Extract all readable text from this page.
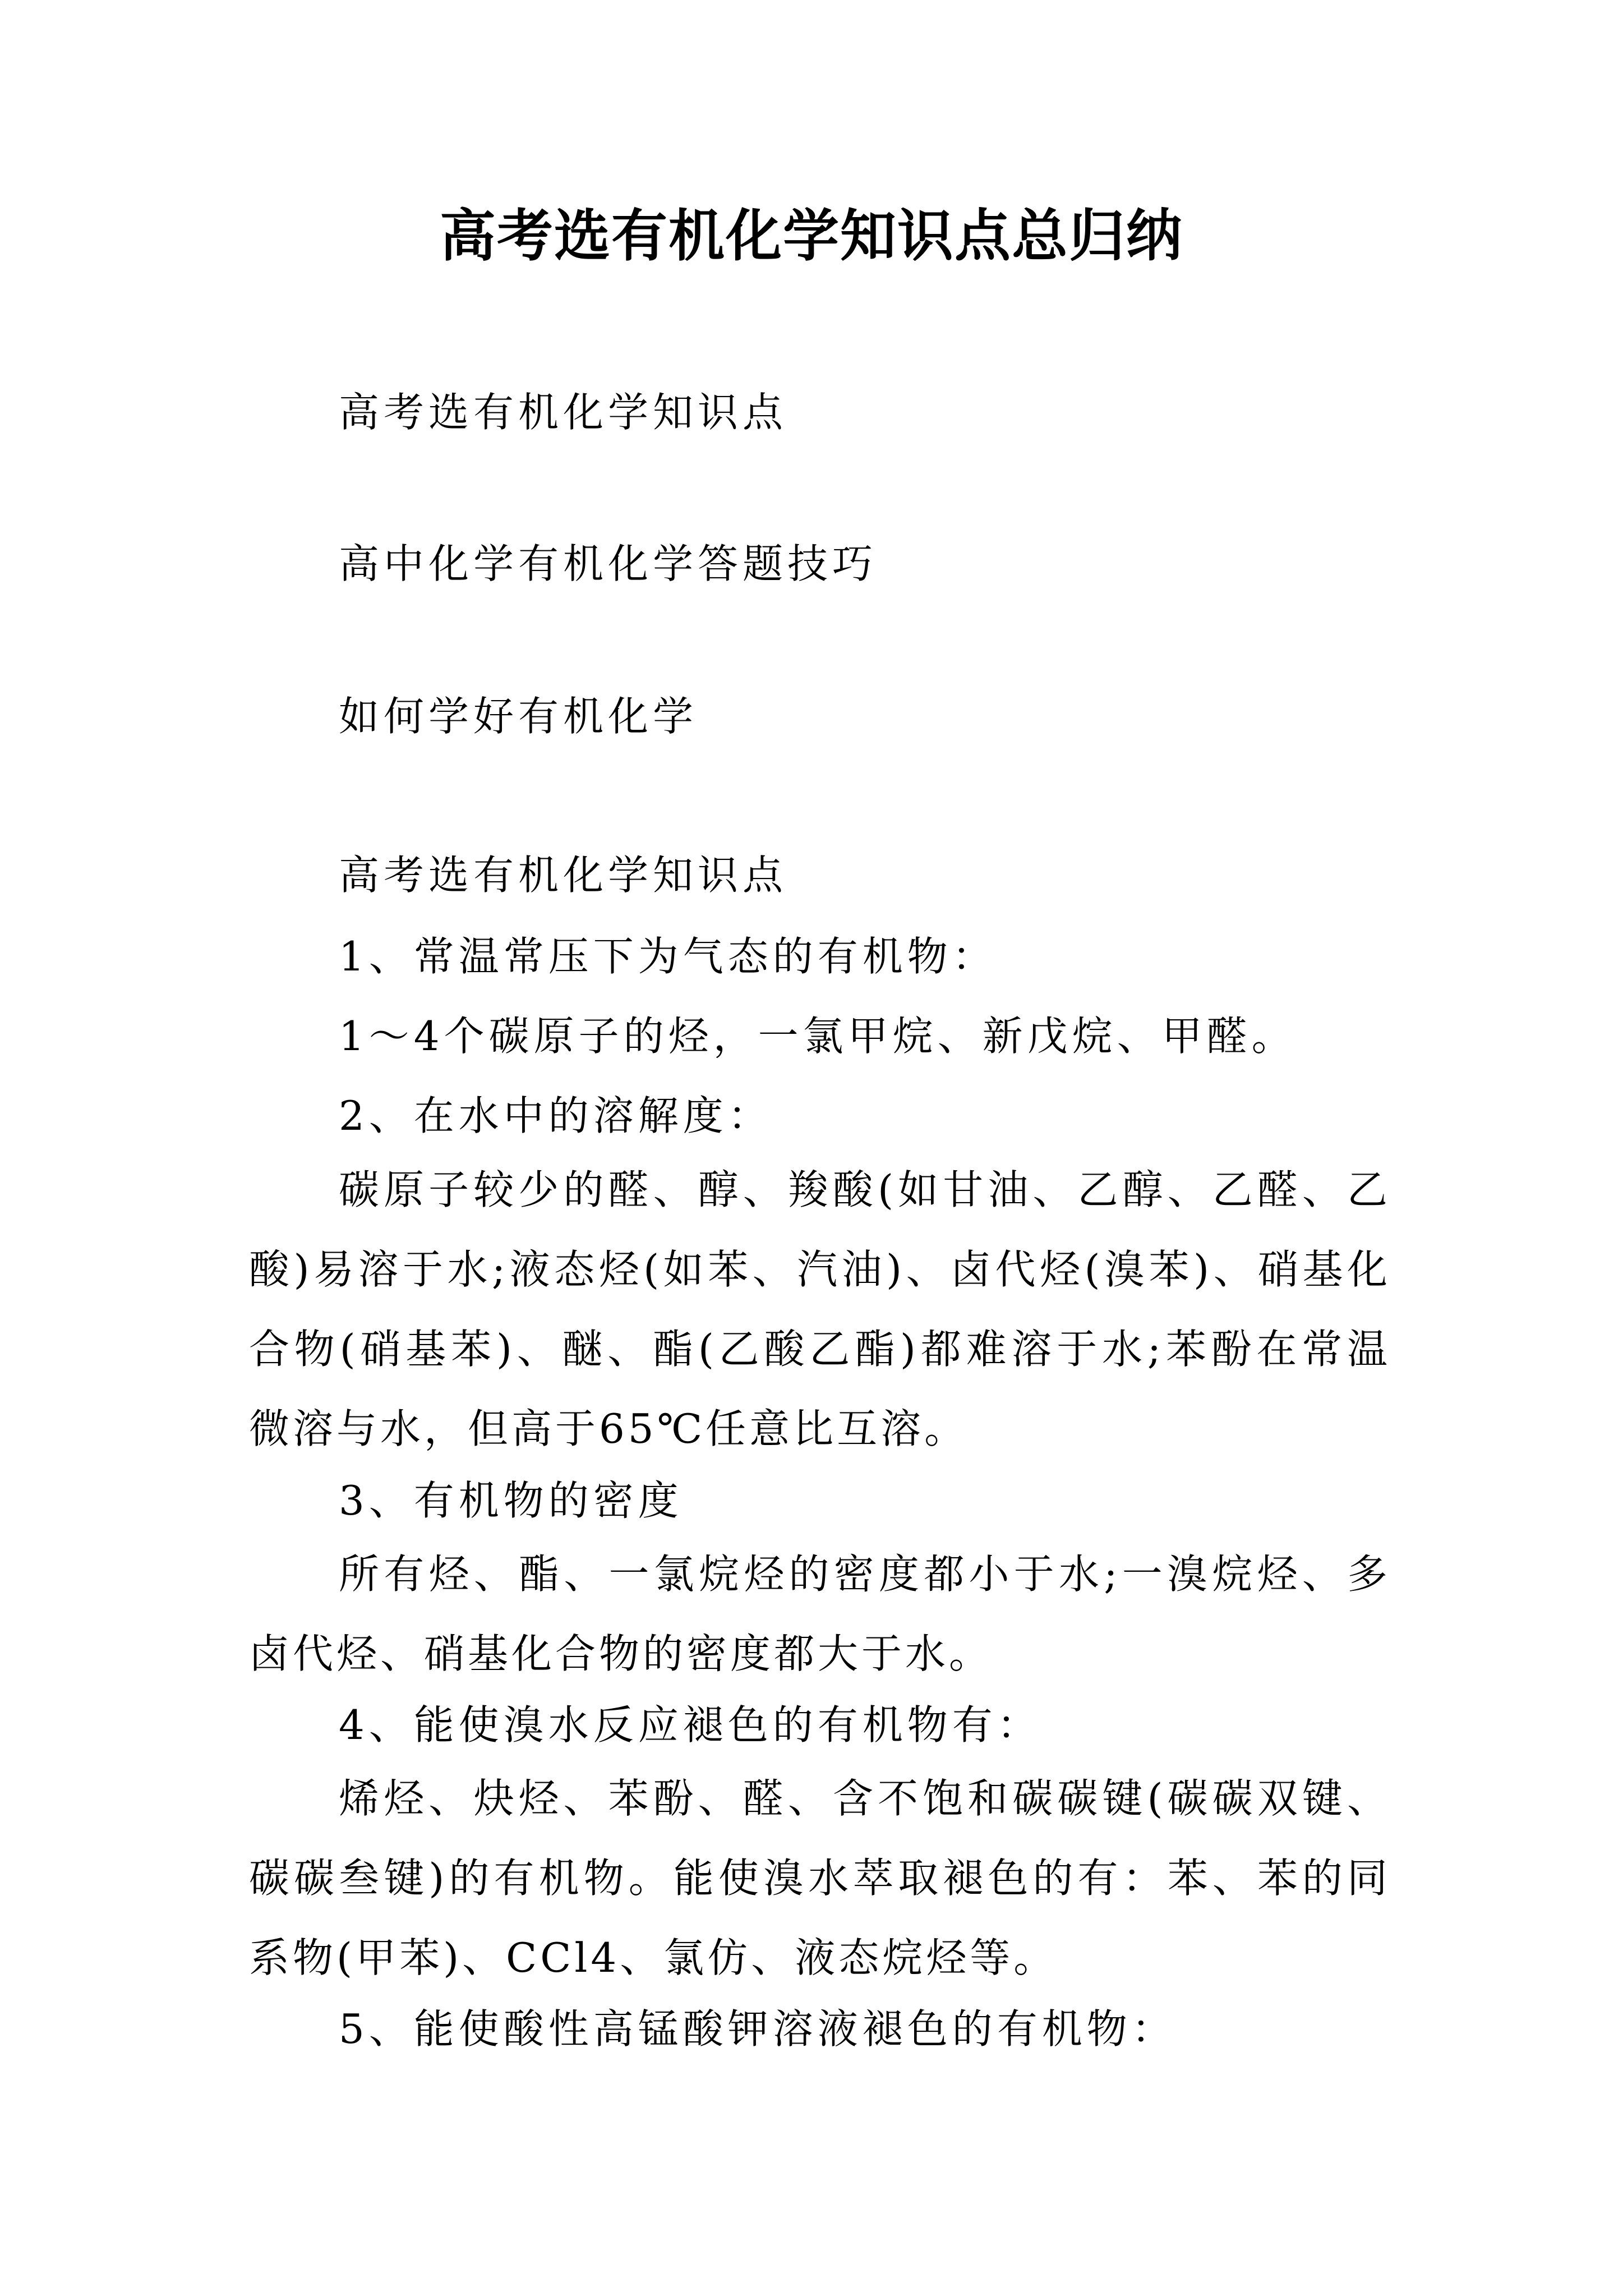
高考选有机化学知识点总归纳
高考选有机化学知识点
高中化学有机化学答题技巧
如何学好有机化学
高考选有机化学知识点
1、常温常压下为气态的有机物：
1～4个碳原子的烃，一氯甲烷、新戊烷、甲醛。
2、在水中的溶解度：
碳原子较少的醛、醇、羧酸(如甘油、乙醇、乙醛、乙酸)易溶于水;液态烃(如苯、汽油)、卤代烃(溴苯)、硝基化合物(硝基苯)、醚、酯(乙酸乙酯)都难溶于水;苯酚在常温微溶与水，但高于65℃任意比互溶。
3、有机物的密度
所有烃、酯、一氯烷烃的密度都小于水;一溴烷烃、多卤代烃、硝基化合物的密度都大于水。
4、能使溴水反应褪色的有机物有：
烯烃、炔烃、苯酚、醛、含不饱和碳碳键(碳碳双键、碳碳叁键)的有机物。能使溴水萃取褪色的有：苯、苯的同系物(甲苯)、CCl4、氯仿、液态烷烃等。
5、能使酸性高锰酸钾溶液褪色的有机物：
